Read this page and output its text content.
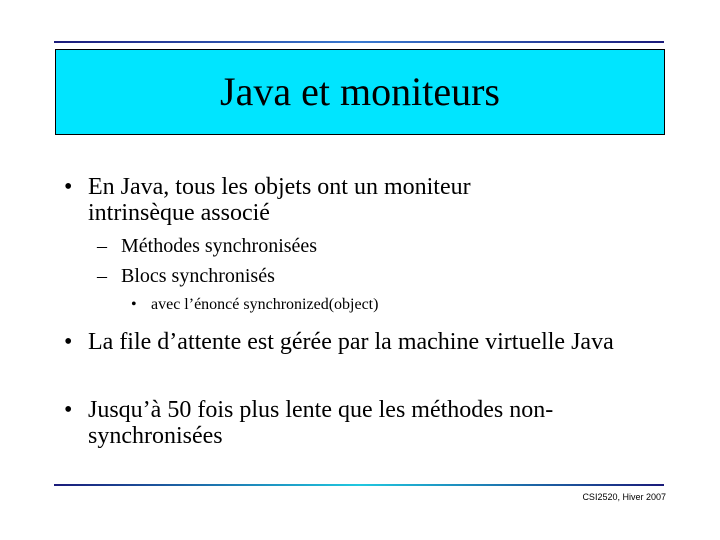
Java et moniteurs
• En Java, tous les objets ont un moniteur intrinsèque associé
– Méthodes synchronisées
– Blocs synchronisés
• avec l’énoncé synchronized(object)
• La file d’attente est gérée par la machine virtuelle Java
• Jusqu’à 50 fois plus lente que les méthodes non-synchronisées
CSI2520, Hiver 2007
